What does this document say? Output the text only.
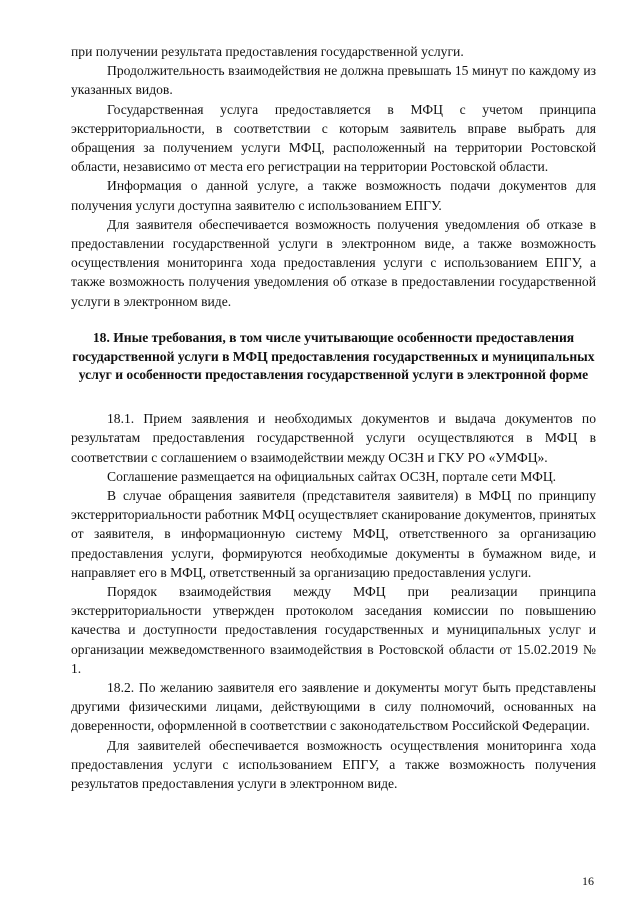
при получении результата предоставления государственной услуги.

Продолжительность взаимодействия не должна превышать 15 минут по каждому из указанных видов.

Государственная услуга предоставляется в МФЦ с учетом принципа экстерриториальности, в соответствии с которым заявитель вправе выбрать для обращения за получением услуги МФЦ, расположенный на территории Ростовской области, независимо от места его регистрации на территории Ростовской области.

Информация о данной услуге, а также возможность подачи документов для получения услуги доступна заявителю с использованием ЕПГУ.

Для заявителя обеспечивается возможность получения уведомления об отказе в предоставлении государственной услуги в электронном виде, а также возможность осуществления мониторинга хода предоставления услуги с использованием ЕПГУ, а также возможность получения уведомления об отказе в предоставлении государственной услуги в электронном виде.

18. Иные требования, в том числе учитывающие особенности предоставления государственной услуги в МФЦ предоставления государственных и муниципальных услуг и особенности предоставления государственной услуги в электронной форме

18.1. Прием заявления и необходимых документов и выдача документов по результатам предоставления государственной услуги осуществляются в МФЦ в соответствии с соглашением о взаимодействии между ОСЗН и ГКУ РО «УМФЦ».

Соглашение размещается на официальных сайтах ОСЗН, портале сети МФЦ.

В случае обращения заявителя (представителя заявителя) в МФЦ по принципу экстерриториальности работник МФЦ осуществляет сканирование документов, принятых от заявителя, в информационную систему МФЦ, ответственного за организацию предоставления услуги, формируются необходимые документы в бумажном виде, и направляет его в МФЦ, ответственный за организацию предоставления услуги.

Порядок взаимодействия между МФЦ при реализации принципа экстерриториальности утвержден протоколом заседания комиссии по повышению качества и доступности предоставления государственных и муниципальных услуг и организации межведомственного взаимодействия в Ростовской области от 15.02.2019 № 1.

18.2. По желанию заявителя его заявление и документы могут быть представлены другими физическими лицами, действующими в силу полномочий, основанных на доверенности, оформленной в соответствии с законодательством Российской Федерации.

Для заявителей обеспечивается возможность осуществления мониторинга хода предоставления услуги с использованием ЕПГУ, а также возможность получения результатов предоставления услуги в электронном виде.

16
